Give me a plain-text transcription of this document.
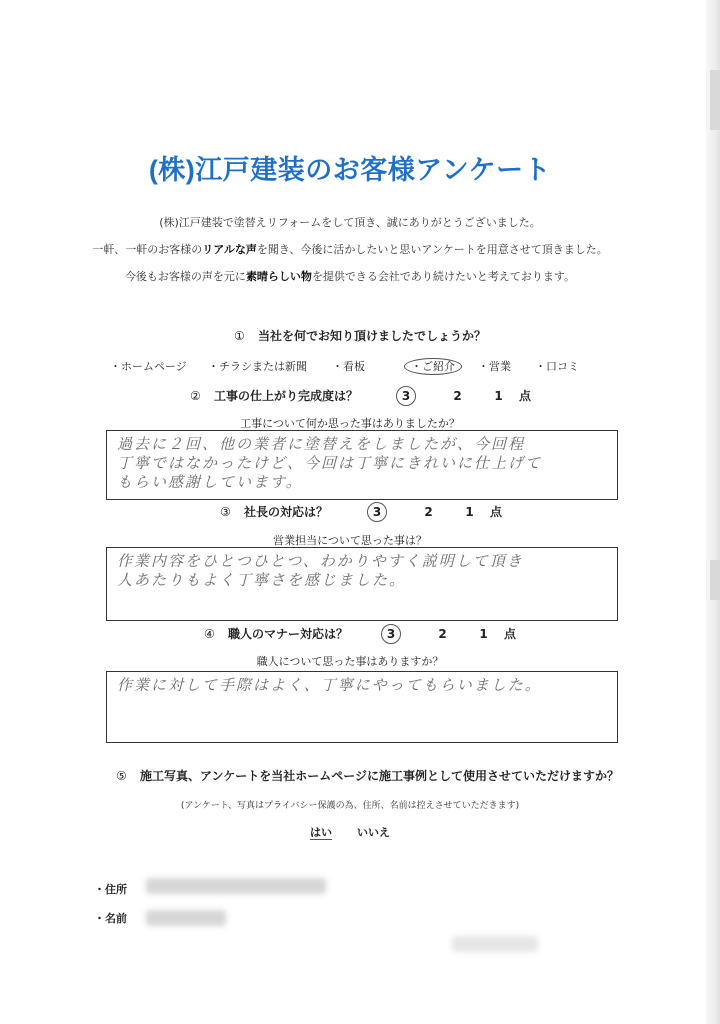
(株)江戸建装のお客様アンケート
(株)江戸建装で塗替えリフォームをして頂き、誠にありがとうございました。
一軒、一軒のお客様のリアルな声を聞き、今後に活かしたいと思いアンケートを用意させて頂きました。
今後もお客様の声を元に素晴らしい物を提供できる会社であり続けたいと考えております。
① 当社を何でお知り頂けましたでしょうか？
・ホームページ ・チラシまたは新聞 ・看板	・ご紹介	・営業 ・口コミ
② 工事の仕上がり完成度は？	3	2	1 点
工事について何か思った事はありましたか？
過去に２回、他の業者に塗替えをしましたが、今回程
丁寧ではなかったけど、今回は丁寧にきれいに仕上げて
もらい感謝しています。
③ 社長の対応は？	3	2	1 点
営業担当について思った事は？
作業内容をひとつひとつ、わかりやすく説明して頂き
人あたりもよく丁寧さを感じました。
④ 職人のマナー対応は？	3	2	1 点
職人について思った事はありますか？
作業に対して手際はよく、丁寧にやってもらいました。
⑤ 施工写真、アンケートを当社ホームページに施工事例として使用させていただけますか？
(アンケート、写真はプライバシー保護の為、住所、名前は控えさせていただきます)
はい いいえ
・住所
・名前
